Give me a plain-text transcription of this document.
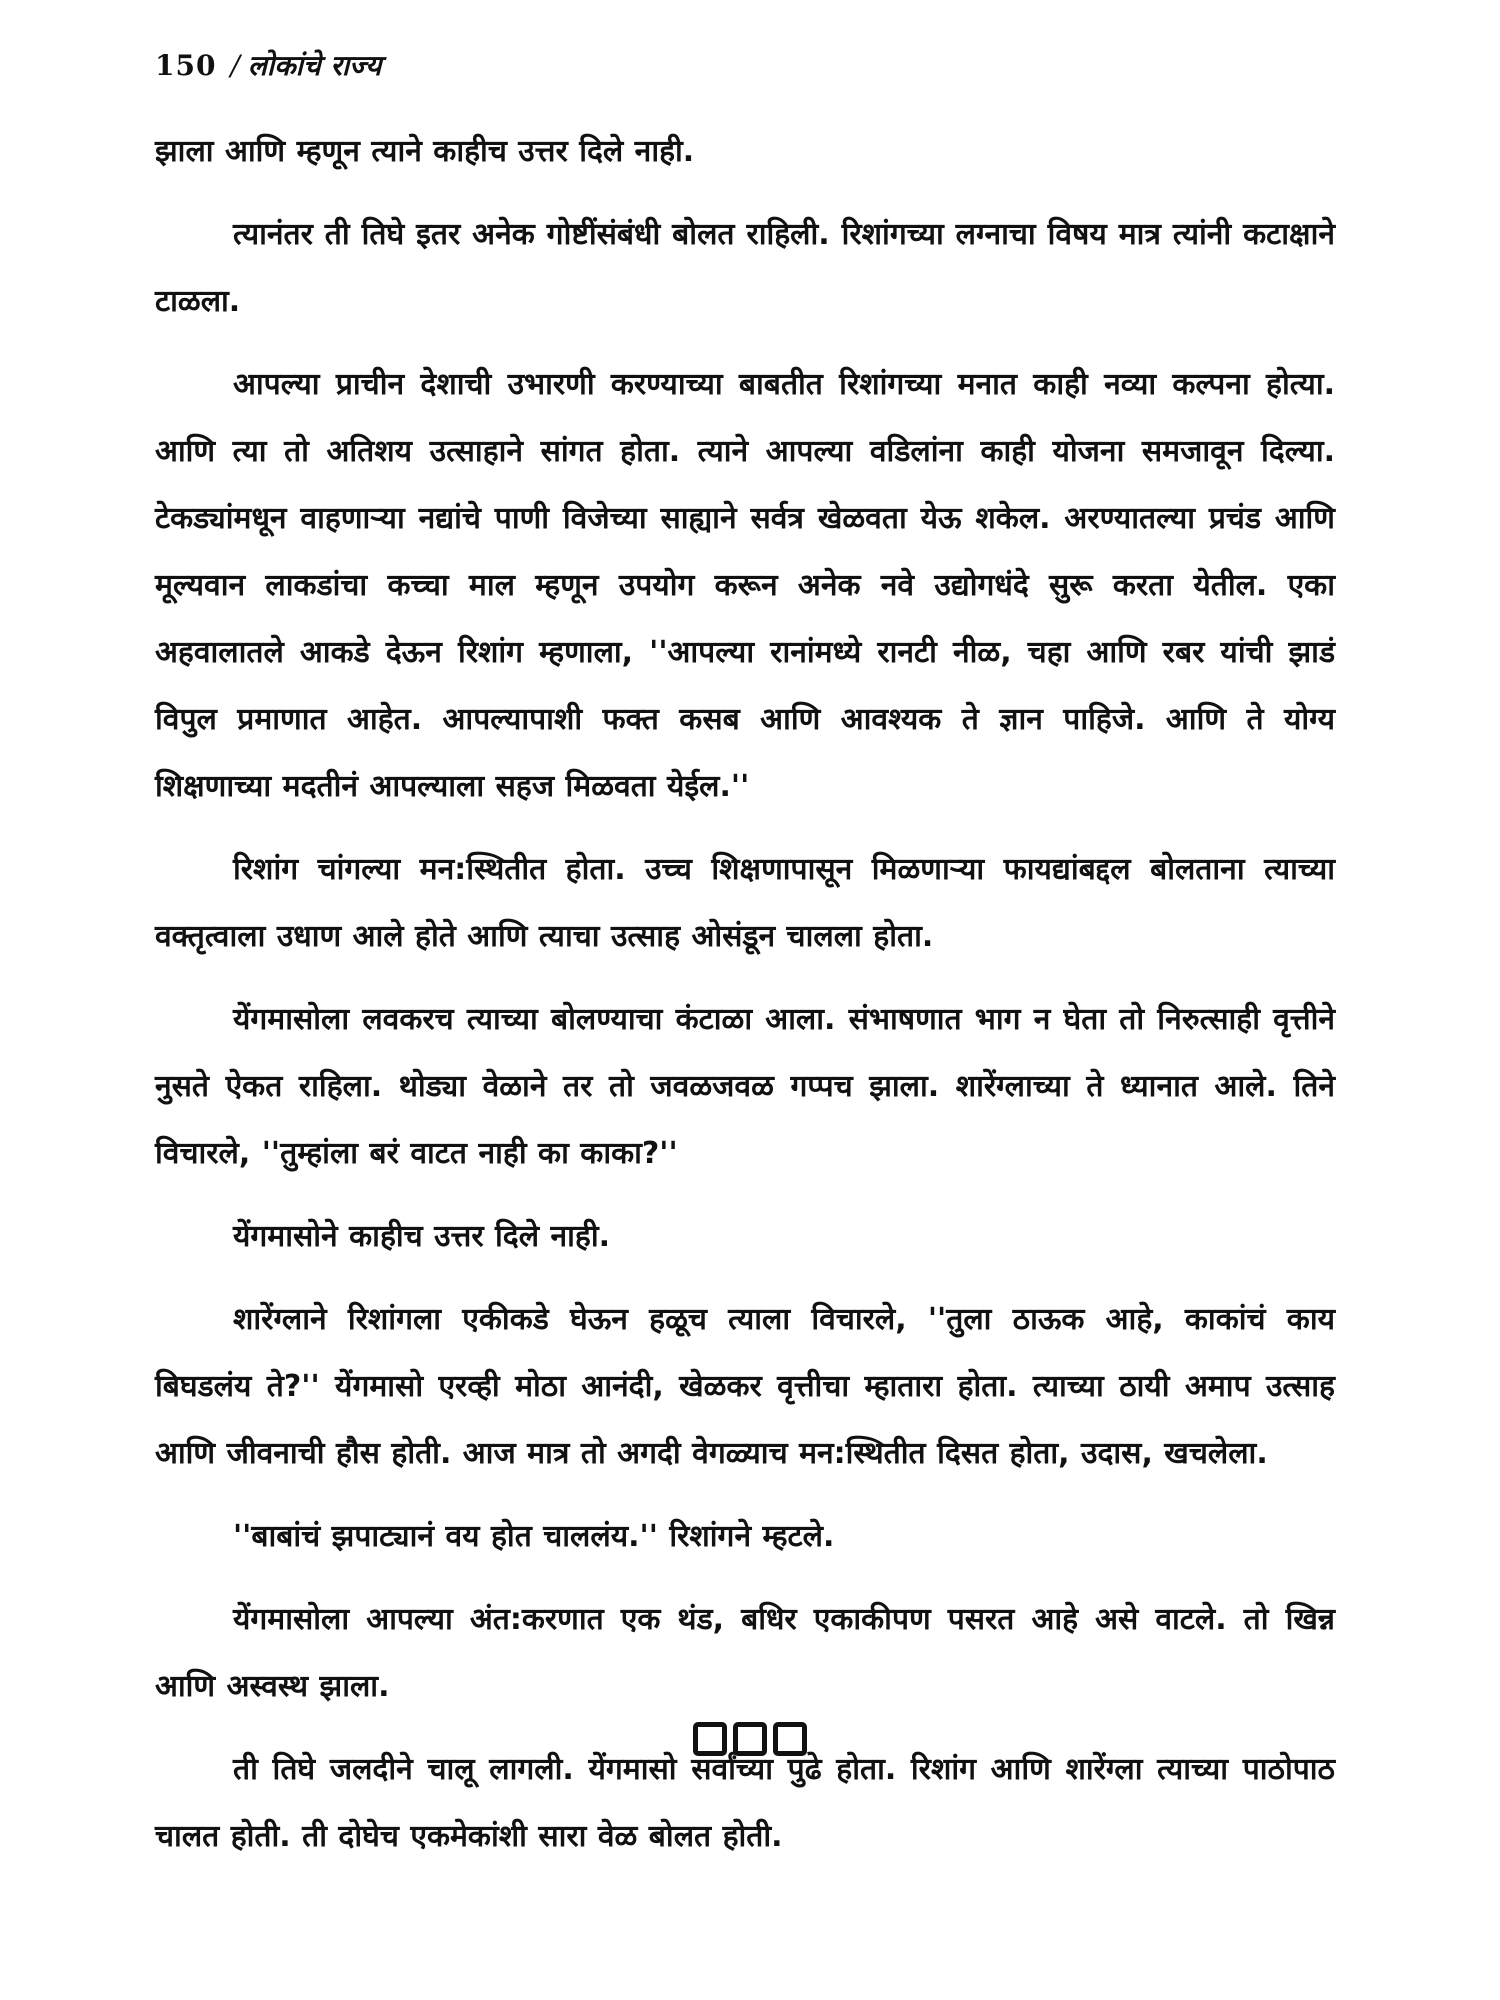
150 / लोकांचे राज्य

झाला आणि म्हणून त्याने काहीच उत्तर दिले नाही.

त्यानंतर ती तिघे इतर अनेक गोष्टींसंबंधी बोलत राहिली. रिशांगच्या लग्नाचा विषय मात्र त्यांनी कटाक्षाने टाळला.

आपल्या प्राचीन देशाची उभारणी करण्याच्या बाबतीत रिशांगच्या मनात काही नव्या कल्पना होत्या. आणि त्या तो अतिशय उत्साहाने सांगत होता. त्याने आपल्या वडिलांना काही योजना समजावून दिल्या. टेकड्यांमधून वाहणाऱ्या नद्यांचे पाणी विजेच्या साह्याने सर्वत्र खेळवता येऊ शकेल. अरण्यातल्या प्रचंड आणि मूल्यवान लाकडांचा कच्चा माल म्हणून उपयोग करून अनेक नवे उद्योगधंदे सुरू करता येतील. एका अहवालातले आकडे देऊन रिशांग म्हणाला, ''आपल्या रानांमध्ये रानटी नीळ, चहा आणि रबर यांची झाडं विपुल प्रमाणात आहेत. आपल्यापाशी फक्त कसब आणि आवश्यक ते ज्ञान पाहिजे. आणि ते योग्य शिक्षणाच्या मदतीनं आपल्याला सहज मिळवता येईल.''

रिशांग चांगल्या मन:स्थितीत होता. उच्च शिक्षणापासून मिळणाऱ्या फायद्यांबद्दल बोलताना त्याच्या वक्तृत्वाला उधाण आले होते आणि त्याचा उत्साह ओसंडून चालला होता.

येंगमासोला लवकरच त्याच्या बोलण्याचा कंटाळा आला. संभाषणात भाग न घेता तो निरुत्साही वृत्तीने नुसते ऐकत राहिला. थोड्या वेळाने तर तो जवळजवळ गप्पच झाला. शारेंग्लाच्या ते ध्यानात आले. तिने विचारले, ''तुम्हांला बरं वाटत नाही का काका?''

येंगमासोने काहीच उत्तर दिले नाही.

शारेंग्लाने रिशांगला एकीकडे घेऊन हळूच त्याला विचारले, ''तुला ठाऊक आहे, काकांचं काय बिघडलंय ते?'' येंगमासो एरव्ही मोठा आनंदी, खेळकर वृत्तीचा म्हातारा होता. त्याच्या ठायी अमाप उत्साह आणि जीवनाची हौस होती. आज मात्र तो अगदी वेगळ्याच मन:स्थितीत दिसत होता, उदास, खचलेला.

''बाबांचं झपाट्यानं वय होत चाललंय.'' रिशांगने म्हटले.

येंगमासोला आपल्या अंत:करणात एक थंड, बधिर एकाकीपण पसरत आहे असे वाटले. तो खिन्न आणि अस्वस्थ झाला.

ती तिघे जलदीने चालू लागली. येंगमासो सर्वांच्या पुढे होता. रिशांग आणि शारेंग्ला त्याच्या पाठोपाठ चालत होती. ती दोघेच एकमेकांशी सारा वेळ बोलत होती.
